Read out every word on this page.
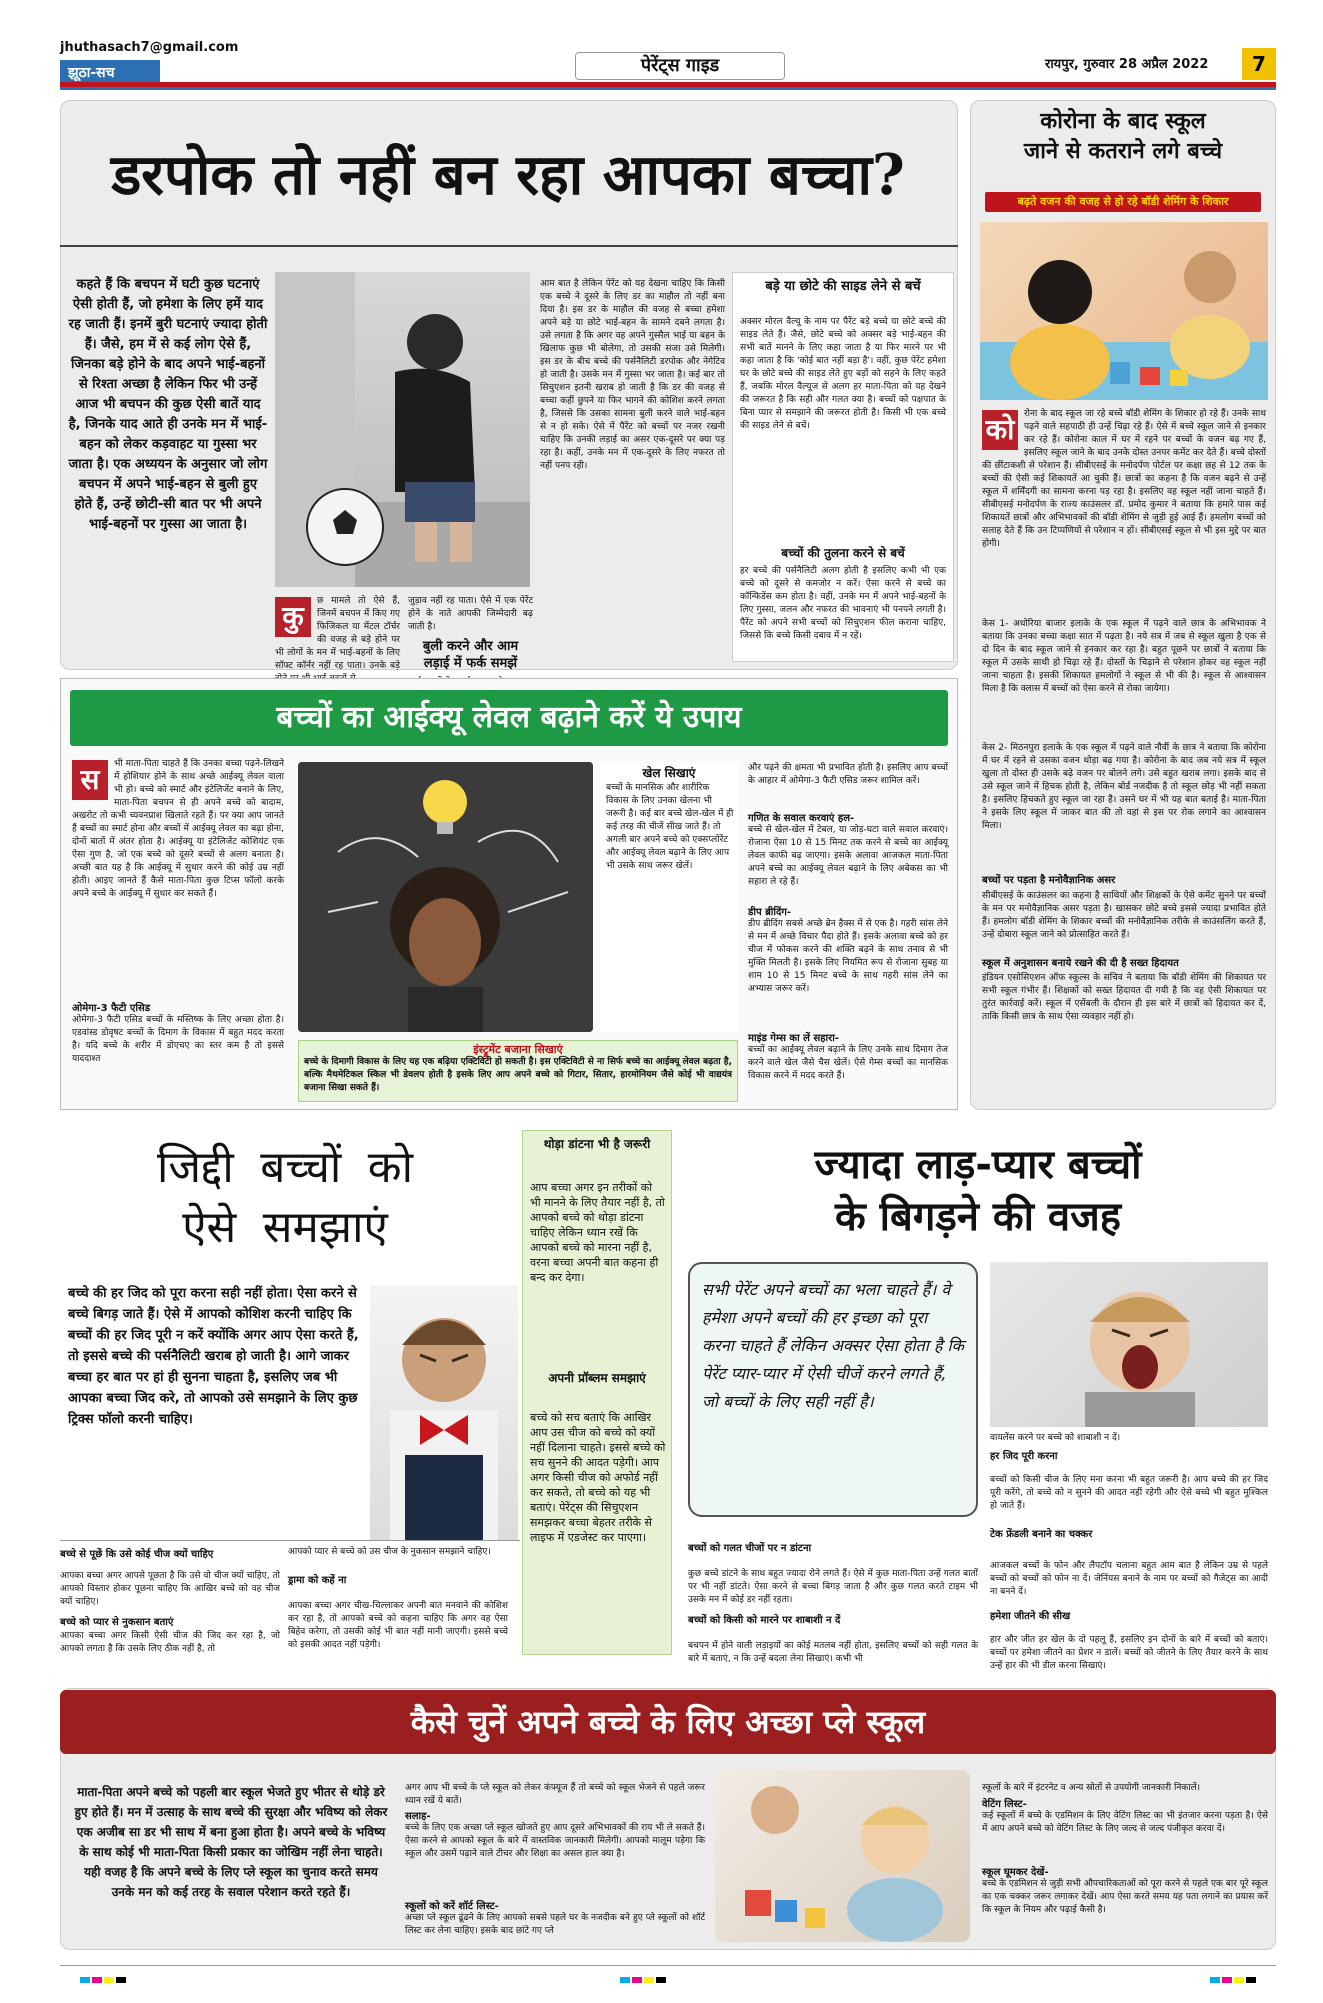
jhuthasach7@gmail.com
झूठा-सच	पेरेंट्स गाइड	रायपुर, गुरुवार 28 अप्रैल 2022	7
डरपोक तो नहीं बन रहा आपका बच्चा?
कहते हैं कि बचपन में घटी कुछ घटनाएं ऐसी होती हैं, जो हमेशा के लिए हमें याद रह जाती हैं। इनमें बुरी घटनाएं ज्यादा होती हैं। जैसे, हम में से कई लोग ऐसे हैं, जिनका बड़े होने के बाद अपने भाई-बहनों से रिश्ता अच्छा है लेकिन फिर भी उन्हें आज भी बचपन की कुछ ऐसी बातें याद है, जिनके याद आते ही उनके मन में भाई-बहन को लेकर कड़वाहट या गुस्सा भर जाता है। एक अध्ययन के अनुसार जो लोग बचपन में अपने भाई-बहन से बुली हुए होते हैं, उन्हें छोटी-सी बात पर भी अपने भाई-बहनों पर गुस्सा आ जाता है।
कु	छ मामले तो ऐसे हैं, जिनमें बचपन में किए गए फिजिकल या मेंटल टॉर्चर की वजह से बड़े होने पर भी लोगों के मन में भाई-बहनों के लिए सॉफ्ट कॉर्नर नहीं रह पाता। उनके बड़े
जुड़ाव नहीं रह पाता। ऐसे में एक पेरेंट होने के नाते आपकी जिम्मेदारी बढ़ जाती है।
बुली करने और आम लड़ाई में फर्क समझें
आम बात है लेकिन पेरेंट को यह देखना चाहिए कि किसी एक बच्चे ने दूसरे के लिए डर का माहौल तो नहीं बना दिया है। इस डर के माहौल की वजह से बच्चा हमेशा अपने बड़े या छोटे भाई-बहन के सामने दबने लगता है। उसे लगता है कि अगर वह अपने गुस्सैल भाई या बहन के खिलाफ कुछ भी बोलेगा, तो उसकी सजा उसे मिलेगी। इस डर के बीच बच्चे की पर्सनैलिटी डरपोक और नेगेटिव हो जाती है। उसके मन में गुस्सा भर जाता है। कई बार तो सिचुएशन इतनी खराब हो जाती है कि डर की वजह से बच्चा कहीं छुपने या फिर भागने की कोशिश करने लगता है, जिससे कि उसका सामना बुली करने वाले भाई-बहन से न हो सके। ऐसे में पैरेंट को बच्चों पर नजर रखनी चाहिए कि उनकी लड़ाई का असर एक-दूसरे पर क्या पड़ रहा है। कहीं, उनके मन में एक-दूसरे के लिए नफरत तो नहीं पनप रही।
बड़े या छोटे की साइड लेने से बचें
अक्सर मोरल वैल्यू के नाम पर पैरेंट बड़े बच्चे या छोटे बच्चे की साइड लेते हैं। जैसे, छोटे बच्चे को अक्सर बड़े भाई-बहन की सभी बातें मानने के लिए कहा जाता है या फिर मारने पर भी कहा जाता है कि 'कोई बात नहीं बड़ा है'। वहीं, कुछ पेरेंट हमेशा घर के छोटे बच्चे की साइड लेते हुए बड़ों को सहने के लिए कहते हैं, जबकि मोरल वैल्यूज से अलग हर माता-पिता को यह देखने की जरूरत है कि सही और गलत क्या है। बच्चों को पक्षपात के बिना प्यार से समझाने की जरूरत होती है। किसी भी एक बच्चे की साइड लेने से बचें।
बच्चों की तुलना करने से बचें
हर बच्चे की पर्सनैलिटी अलग होती है इसलिए कभी भी एक बच्चे को दूसरे से कमजोर न करें। ऐसा करने से बच्चे का कॉन्फिडेंस कम होता है। वहीं, उनके मन में अपने भाई-बहनों के लिए गुस्सा, जलन और नफरत की भावनाएं भी पनपने लगती है। पैरेंट को अपने सभी बच्चों को सिचुएशन फील कराना चाहिए, जिससे कि बच्चे किसी दबाव में न रहें।
कोरोना के बाद स्कूल
जाने से कतराने लगे बच्चे
बढ़ते वजन की वजह से हो रहे बॉडी शेमिंग के शिकार
को	रोना के बाद स्कूल जा रहे बच्चे बॉडी शेमिंग के शिकार हो रहे हैं। उनके साथ पढ़ने वाले सहपाठी ही उन्हें चिढ़ा रहे हैं। ऐसे में बच्चे स्कूल जाने से इनकार कर रहे हैं। कोरोना काल में घर में रहने पर बच्चों के वजन बढ़ गए हैं, इसलिए स्कूल जाने के बाद उनके दोस्त उनपर कमेंट कर देते हैं। बच्चे दोस्तों की छींटाकशी से परेशान हैं। सीबीएसई के मनोदर्पण पोर्टल पर कक्षा छह से 12 तक के बच्चों की ऐसी कई शिकायतें आ चुकी हैं। छात्रों का कहना है कि वजन बढ़ने से उन्हें स्कूल में शर्मिंदगी का सामना करना पड़ रहा है। इसलिए वह स्कूल नहीं जाना चाहते हैं। सीबीएसई मनोदर्पण के राज्य काउंसलर डॉ. प्रमोद कुमार ने बताया कि हमारे पास कई शिकायतें छात्रों और अभिभावकों की बॉडी शेमिंग से जुड़ी हुई आई हैं। हमलोग बच्चों को सलाह देते हैं कि उन टिप्पणियों से परेशान न हों। सीबीएसई स्कूल से भी इस मुद्दे पर बात होगी।
केस 1- अधोरिया बाजार इलाके के एक स्कूल में पढ़ने वाले छात्र के अभिभावक ने बताया कि उनका बच्चा कक्षा सात में पढ़ता है। नये सत्र में जब से स्कूल खुला है एक से दो दिन के बाद स्कूल जाने से इनकार कर रहा है। बहुत पूछने पर छात्रों ने बताया कि स्कूल में उसके साथी हो चिढ़ा रहे हैं। दोस्तों के चिढ़ाने से परेशान होकर वह स्कूल नहीं जाना चाहता है। इसकी शिकायत हमलोगों ने स्कूल से भी की है। स्कूल से आश्वासन मिला है कि क्लास में बच्चों को ऐसा करने से रोका जायेगा।
केस 2- मिठनपुरा इलाके के एक स्कूल में पढ़ने वाले नौवीं के छात्र ने बताया कि कोरोना में घर में रहने से उसका वजन थोड़ा बढ़ गया है। कोरोना के बाद जब नये सत्र में स्कूल खुला तो दोस्त ही उसके बढ़े वजन पर बोलने लगे। उसे बहुत खराब लगा। इसके बाद से उसे स्कूल जाने में हिचक होती है, लेकिन बोर्ड नजदीक है तो स्कूल छोड़ भी नहीं सकता है। इसलिए हिचकते हुए स्कूल जा रहा है। उसने घर में भी यह बात बताई है। माता-पिता ने इसके लिए स्कूल में जाकर बात की तो वहां से इस पर रोक लगाने का आश्वासन मिला।
बच्चों पर पड़ता है मनोवैज्ञानिक असर
सीबीएसई के काउंसलर का कहना है साथियों और शिक्षकों के ऐसे कमेंट सुनने पर बच्चों के मन पर मनोवैज्ञानिक असर पड़ता है। खासकर छोटे बच्चे इससे ज्यादा प्रभावित होते हैं। हमलोग बॉडी शेमिंग के शिकार बच्चों की मनोवैज्ञानिक तरीके से काउंसलिंग करते हैं, उन्हें दोबारा स्कूल जाने को प्रोत्साहित करते हैं।
स्कूल में अनुशासन बनाये रखने की दी है सख्त हिदायत
इंडियन एसोसिएशन ऑफ स्कूल्स के सचिव ने बताया कि बॉडी शेमिंग की शिकायत पर सभी स्कूल गंभीर हैं। शिक्षकों को सख्त हिदायत दी गयी है कि वह ऐसी शिकायत पर तुरंत कार्रवाई करें। स्कूल में एसेंबली के दौरान ही इस बारे में छात्रों को हिदायत कर दें, ताकि किसी छात्र के साथ ऐसा व्यवहार नहीं हो।
बच्चों का आईक्यू लेवल बढ़ाने करें ये उपाय
स	भी माता-पिता चाहते हैं कि उनका बच्चा पढ़ने-लिखने में होशियार होने के साथ अच्छे आईक्यू लेवल वाला भी हो। बच्चे को स्मार्ट और इंटेलिजेंट बनाने के लिए, माता-पिता बचपन से ही अपने बच्चे को बादाम, अखरोट तो कभी च्यवनप्राश खिलाते रहते हैं। पर क्या आप जानते हैं बच्चों का स्मार्ट होना और बच्चों में आईक्यू लेवल का बढ़ा होना, दोनों बातों में अंतर होता है। आईक्यू या इंटेलिजेंट कोशियंट एक ऐसा गुण है, जो एक बच्चे को दूसरे बच्चों से अलग बनाता है। अच्छी बात यह है कि आईक्यू में सुधार करने की कोई उम्र नहीं होती। आइए जानते हैं कैसे माता-पिता कुछ टिप्स फॉलो करके अपने बच्चे के आईक्यू में सुधार कर सकते हैं।
ओमेगा-3 फैटी एसिड
ओमेगा-3 फैटी एसिड बच्चों के मस्तिष्क के लिए अच्छा होता है। एडवांस्ड डोवृषट बच्चों के दिमाग के विकास में बहुत मदद करता है। यदि बच्चे के शरीर में डोएचए का स्तर कम है तो इससे याददाश्त
खेल सिखाएं
बच्चों के मानसिक और शारीरिक विकास के लिए उनका खेलना भी जरूरी है। कई बार बच्चे खेल-खेल में ही कई तरह की चीजें सीख जाते हैं। तो अगली बार अपने बच्चे को एक्सप्लोरेंट और आईक्यू लेवल बढ़ाने के लिए आप भी उसके साथ जरूर खेलें।
इंस्ट्रुमेंट बजाना सिखाएं
बच्चे के दिमागी विकास के लिए यह एक बढ़िया एक्टिविटी हो सकती है। इस एक्टिविटी से ना सिर्फ बच्चे का आईक्यू लेवल बढ़ता है, बल्कि मैथमेटिकल स्किल भी डेवलप होती है इसके लिए आप अपने बच्चे को गिटार, सितार, हारमोनियम जैसे कोई भी वाद्ययंत्र बजाना सिखा सकते हैं।
और पढ़ने की क्षमता भी प्रभावित होती है। इसलिए आप बच्चों के आहार में ओमेगा-3 फैटी एसिड जरूर शामिल करें।
गणित के सवाल करवाएं हल-
बच्चे से खेल-खेल में टेबल, या जोड़-घटा वाले सवाल करवाएं। रोजाना ऐसा 10 से 15 मिनट तक करने से बच्चे का आईक्यू लेवल काफी बढ़ जाएगा। इसके अलावा आजकल माता-पिता अपने बच्चे का आईक्यू लेवल बढ़ाने के लिए अबेकस का भी सहारा ले रहे हैं।
डीप ब्रीदिंग-
डीप ब्रीदिंग सबसे अच्छे ब्रेन हैक्स में से एक है। गहरी सांस लेने से मन में अच्छे विचार पैदा होते हैं। इसके अलावा बच्चे को हर चीज में फोकस करने की शक्ति बढ़ने के साथ तनाव से भी मुक्ति मिलती है। इसके लिए नियमित रूप से रोजाना सुबह या शाम 10 से 15 मिनट बच्चे के साथ गहरी सांस लेने का अभ्यास जरूर करें।
माइंड गेम्स का लें सहारा-
बच्चों का आईक्यू लेवल बढ़ाने के लिए उनके साथ दिमाग तेज करने वाले खेल जैसे चैस खेलें। ऐसे गेम्स बच्चों का मानसिक विकास करने में मदद करते हैं।
जिद्दी बच्चों को
ऐसे समझाएं
बच्चे की हर जिद को पूरा करना सही नहीं होता। ऐसा करने से बच्चे बिगड़ जाते हैं। ऐसे में आपको कोशिश करनी चाहिए कि बच्चों की हर जिद पूरी न करें क्योंकि अगर आप ऐसा करते हैं, तो इससे बच्चे की पर्सनैलिटी खराब हो जाती है। आगे जाकर बच्चा हर बात पर हां ही सुनना चाहता है, इसलिए जब भी आपका बच्चा जिद करे, तो आपको उसे समझाने के लिए कुछ ट्रिक्स फॉलो करनी चाहिए।
बच्चे से पूछें कि उसे कोई चीज क्यों चाहिए
आपका बच्चा अगर आपसे पूछता है कि उसे वो चीज क्यों चाहिए, तो आपको विस्तार होकर पूछना चाहिए कि आखिर बच्चे को वह चीज क्यों चाहिए।
बच्चे को प्यार से नुकसान बताएं
आपका बच्चा अगर किसी ऐसी चीज की जिद कर रहा है, जो आपको लगता है कि उसके लिए ठीक नहीं है, तो
आपको प्यार से बच्चे को उस चीज के नुकसान समझाने चाहिए।
ड्रामा को कहें ना
आपका बच्चा अगर चीख-चिल्लाकर अपनी बात मनवाने की कोशिश कर रहा है, तो आपको बच्चे को कहना चाहिए कि अगर वह ऐसा बिहेव करेगा, तो उसकी कोई भी बात नहीं मानी जाएगी। इससे बच्चे को इसकी आदत नहीं पड़ेगी।
थोड़ा डांटना भी है जरूरी
आप बच्चा अगर इन तरीकों को भी मानने के लिए तैयार नहीं है, तो आपको बच्चे को थोड़ा डांटना चाहिए लेकिन ध्यान रखें कि आपको बच्चे को मारना नहीं है, वरना बच्चा अपनी बात कहना ही बन्द कर देगा।
अपनी प्रॉब्लम समझाएं
बच्चे को सच बताएं कि आखिर आप उस चीज को बच्चे को क्यों नहीं दिलाना चाहते। इससे बच्चे को सच सुनने की आदत पड़ेगी। आप अगर किसी चीज को अफोर्ड नहीं कर सकते, तो बच्चे को यह भी बताएं। पेरेंट्स की सिचुएशन समझकर बच्चा बेहतर तरीके से लाइफ में एडजेस्ट कर पाएगा।
ज्यादा लाड़-प्यार बच्चों
के बिगड़ने की वजह
सभी पेरेंट अपने बच्चों का भला चाहते हैं। वे हमेशा अपने बच्चों की हर इच्छा को पूरा करना चाहते हैं लेकिन अक्सर ऐसा होता है कि पेरेंट प्यार-प्यार में ऐसी चीजें करने लगते हैं, जो बच्चों के लिए सही नहीं है।
वायलेंस करने पर बच्चे को शाबाशी न दें।
हर जिद पूरी करना
बच्चों को किसी चीज के लिए मना करना भी बहुत जरूरी है। आप बच्चे की हर जिद पूरी करेंगे, तो बच्चे को न सुनने की आदत नहीं रहेगी और ऐसे बच्चे भी बहुत मुश्किल हो जाते हैं।
टेक फ्रेंडली बनाने का चक्कर
आजकल बच्चों के फोन और लैपटॉप चलाना बहुत आम बात है लेकिन उम्र से पहले बच्चों को बच्चों को फोन ना दें। जेनिंयस बनाने के नाम पर बच्चों को गैजेट्स का आदी ना बनने दें।
हमेशा जीतने की सीख
हार और जीत हर खेल के दो पहलू हैं, इसलिए इन दोनों के बारे में बच्चों को बताएं। बच्चों पर हमेशा जीतने का प्रेशर न डालें। बच्चों को जीतने के लिए तैयार करने के साथ उन्हें हार की भी डील करना सिखाएं।
बच्चों को गलत चीजों पर न डांटना
कुछ बच्चे डांटने के साथ बहुत ज्यादा रोने लगते हैं। ऐसे में कुछ माता-पिता उन्हें गलत बातों पर भी नहीं डांटते। ऐसा करने से बच्चा बिगड़ जाता है और कुछ गलत करते टाइम भी उसके मन में कोई डर नहीं रहता।
बच्चों को किसी को मारने पर शाबाशी न दें
बचपन में होने वाली लड़ाइयों का कोई मतलब नहीं होता, इसलिए बच्चों को सही गलत के बारे में बताएं, न कि उन्हें बदला लेना सिखाएं। कभी भी
कैसे चुनें अपने बच्चे के लिए अच्छा प्ले स्कूल
माता-पिता अपने बच्चे को पहली बार स्कूल भेजते हुए भीतर से थोड़े डरे हुए होते हैं। मन में उत्साह के साथ बच्चे की सुरक्षा और भविष्य को लेकर एक अजीब सा डर भी साथ में बना हुआ होता है। अपने बच्चे के भविष्य के साथ कोई भी माता-पिता किसी प्रकार का जोखिम नहीं लेना चाहते। यही वजह है कि अपने बच्चे के लिए प्ले स्कूल का चुनाव करते समय उनके मन को कई तरह के सवाल परेशान करते रहते हैं।
अगर आप भी बच्चे के प्ले स्कूल को लेकर कंफ्यूज हैं तो बच्चे को स्कूल भेजने से पहले जरूर ध्यान रखें ये बातें।
सलाह-
बच्चे के लिए एक अच्छा प्ले स्कूल खोजते हुए आप दूसरे अभिभावकों की राय भी ले सकते हैं। ऐसा करने से आपको स्कूल के बारे में वास्तविक जानकारी मिलेगी। आपको मालूम पड़ेगा कि स्कूल और उसमें पढ़ाने वाले टीचर और शिक्षा का असल हाल क्या है।
स्कूलों को करें शॉर्ट लिस्ट-
अच्छा प्ले स्कूल ढूंढने के लिए आपको सबसे पहले घर के नजदीक बने हुए प्ले स्कूलों को शॉर्ट लिस्ट कर लेना चाहिए। इसके बाद छांटे गए प्ले
स्कूलों के बारे में इंटरनेट व अन्य स्रोतों से उपयोगी जानकारी निकालें।
वेटिंग लिस्ट-
कई स्कूलों में बच्चे के एडमिशन के लिए वेटिंग लिस्ट का भी इंतजार करना पड़ता है। ऐसे में आप अपने बच्चे को वेटिंग लिस्ट के लिए जल्द से जल्द पंजीकृत करवा दें।
स्कूल घूमकर देखें-
बच्चे के एडमिशन से जुड़ी सभी औपचारिकताओं को पूरा करने से पहले एक बार पूरे स्कूल का एक चक्कर जरूर लगाकर देखें। आप ऐसा करते समय यह पता लगाने का प्रयास करें कि स्कूल के नियम और पढ़ाई कैसी है।
